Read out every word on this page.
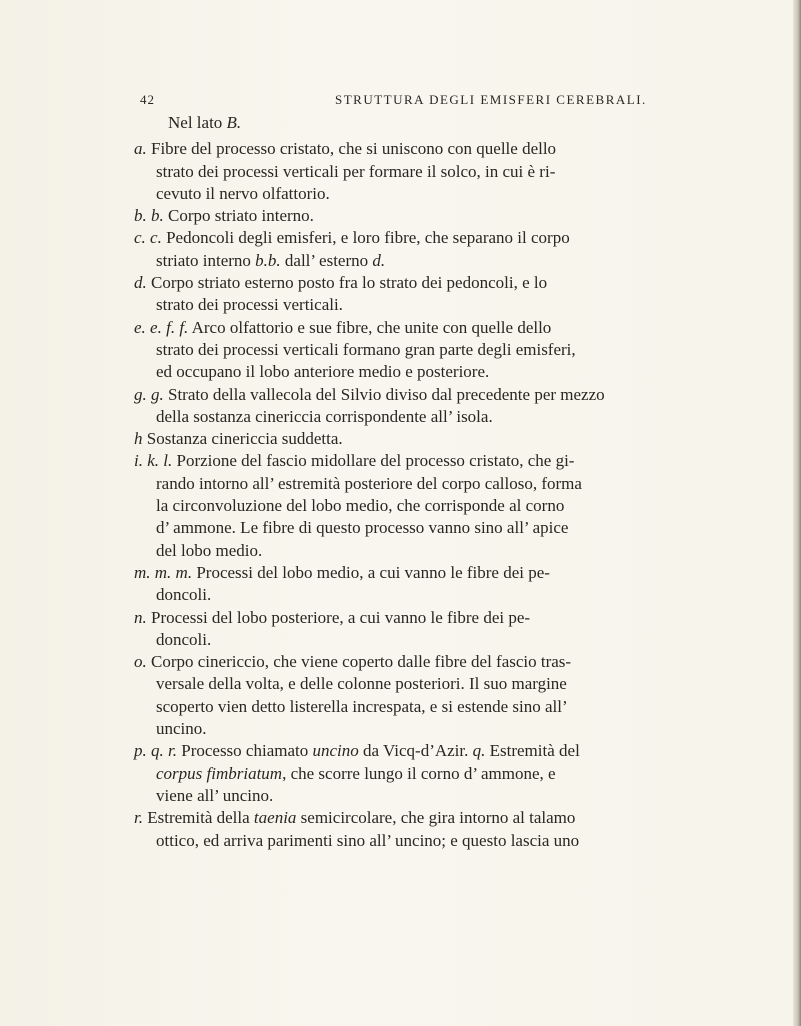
42	STRUTTURA DEGLI EMISFERI CEREBRALI.

Nel lato B.

a. Fibre del processo cristato, che si uniscono con quelle dello
strato dei processi verticali per formare il solco, in cui è ri-
cevuto il nervo olfattorio.
b. b. Corpo striato interno.
c. c. Pedoncoli degli emisferi, e loro fibre, che separano il corpo
striato interno b.b. dall’ esterno d.
d. Corpo striato esterno posto fra lo strato dei pedoncoli, e lo
strato dei processi verticali.
e. e. f. f. Arco olfattorio e sue fibre, che unite con quelle dello
strato dei processi verticali formano gran parte degli emisferi,
ed occupano il lobo anteriore medio e posteriore.
g. g. Strato della vallecola del Silvio diviso dal precedente per mezzo
della sostanza cinericcia corrispondente all’ isola.
h Sostanza cinericcia suddetta.
i. k. l. Porzione del fascio midollare del processo cristato, che gi-
rando intorno all’ estremità posteriore del corpo calloso, forma
la circonvoluzione del lobo medio, che corrisponde al corno
d’ ammone. Le fibre di questo processo vanno sino all’ apice
del lobo medio.
m. m. m. Processi del lobo medio, a cui vanno le fibre dei pe-
doncoli.
n. Processi del lobo posteriore, a cui vanno le fibre dei pe-
doncoli.
o. Corpo cinericcio, che viene coperto dalle fibre del fascio tras-
versale della volta, e delle colonne posteriori. Il suo margine
scoperto vien detto listerella increspata, e si estende sino all’
uncino.
p. q. r. Processo chiamato uncino da Vicq-d’Azir. q. Estremità del
corpus fimbriatum, che scorre lungo il corno d’ ammone, e
viene all’ uncino.
r. Estremità della taenia semicircolare, che gira intorno al talamo
ottico, ed arriva parimenti sino all’ uncino; e questo lascia uno
